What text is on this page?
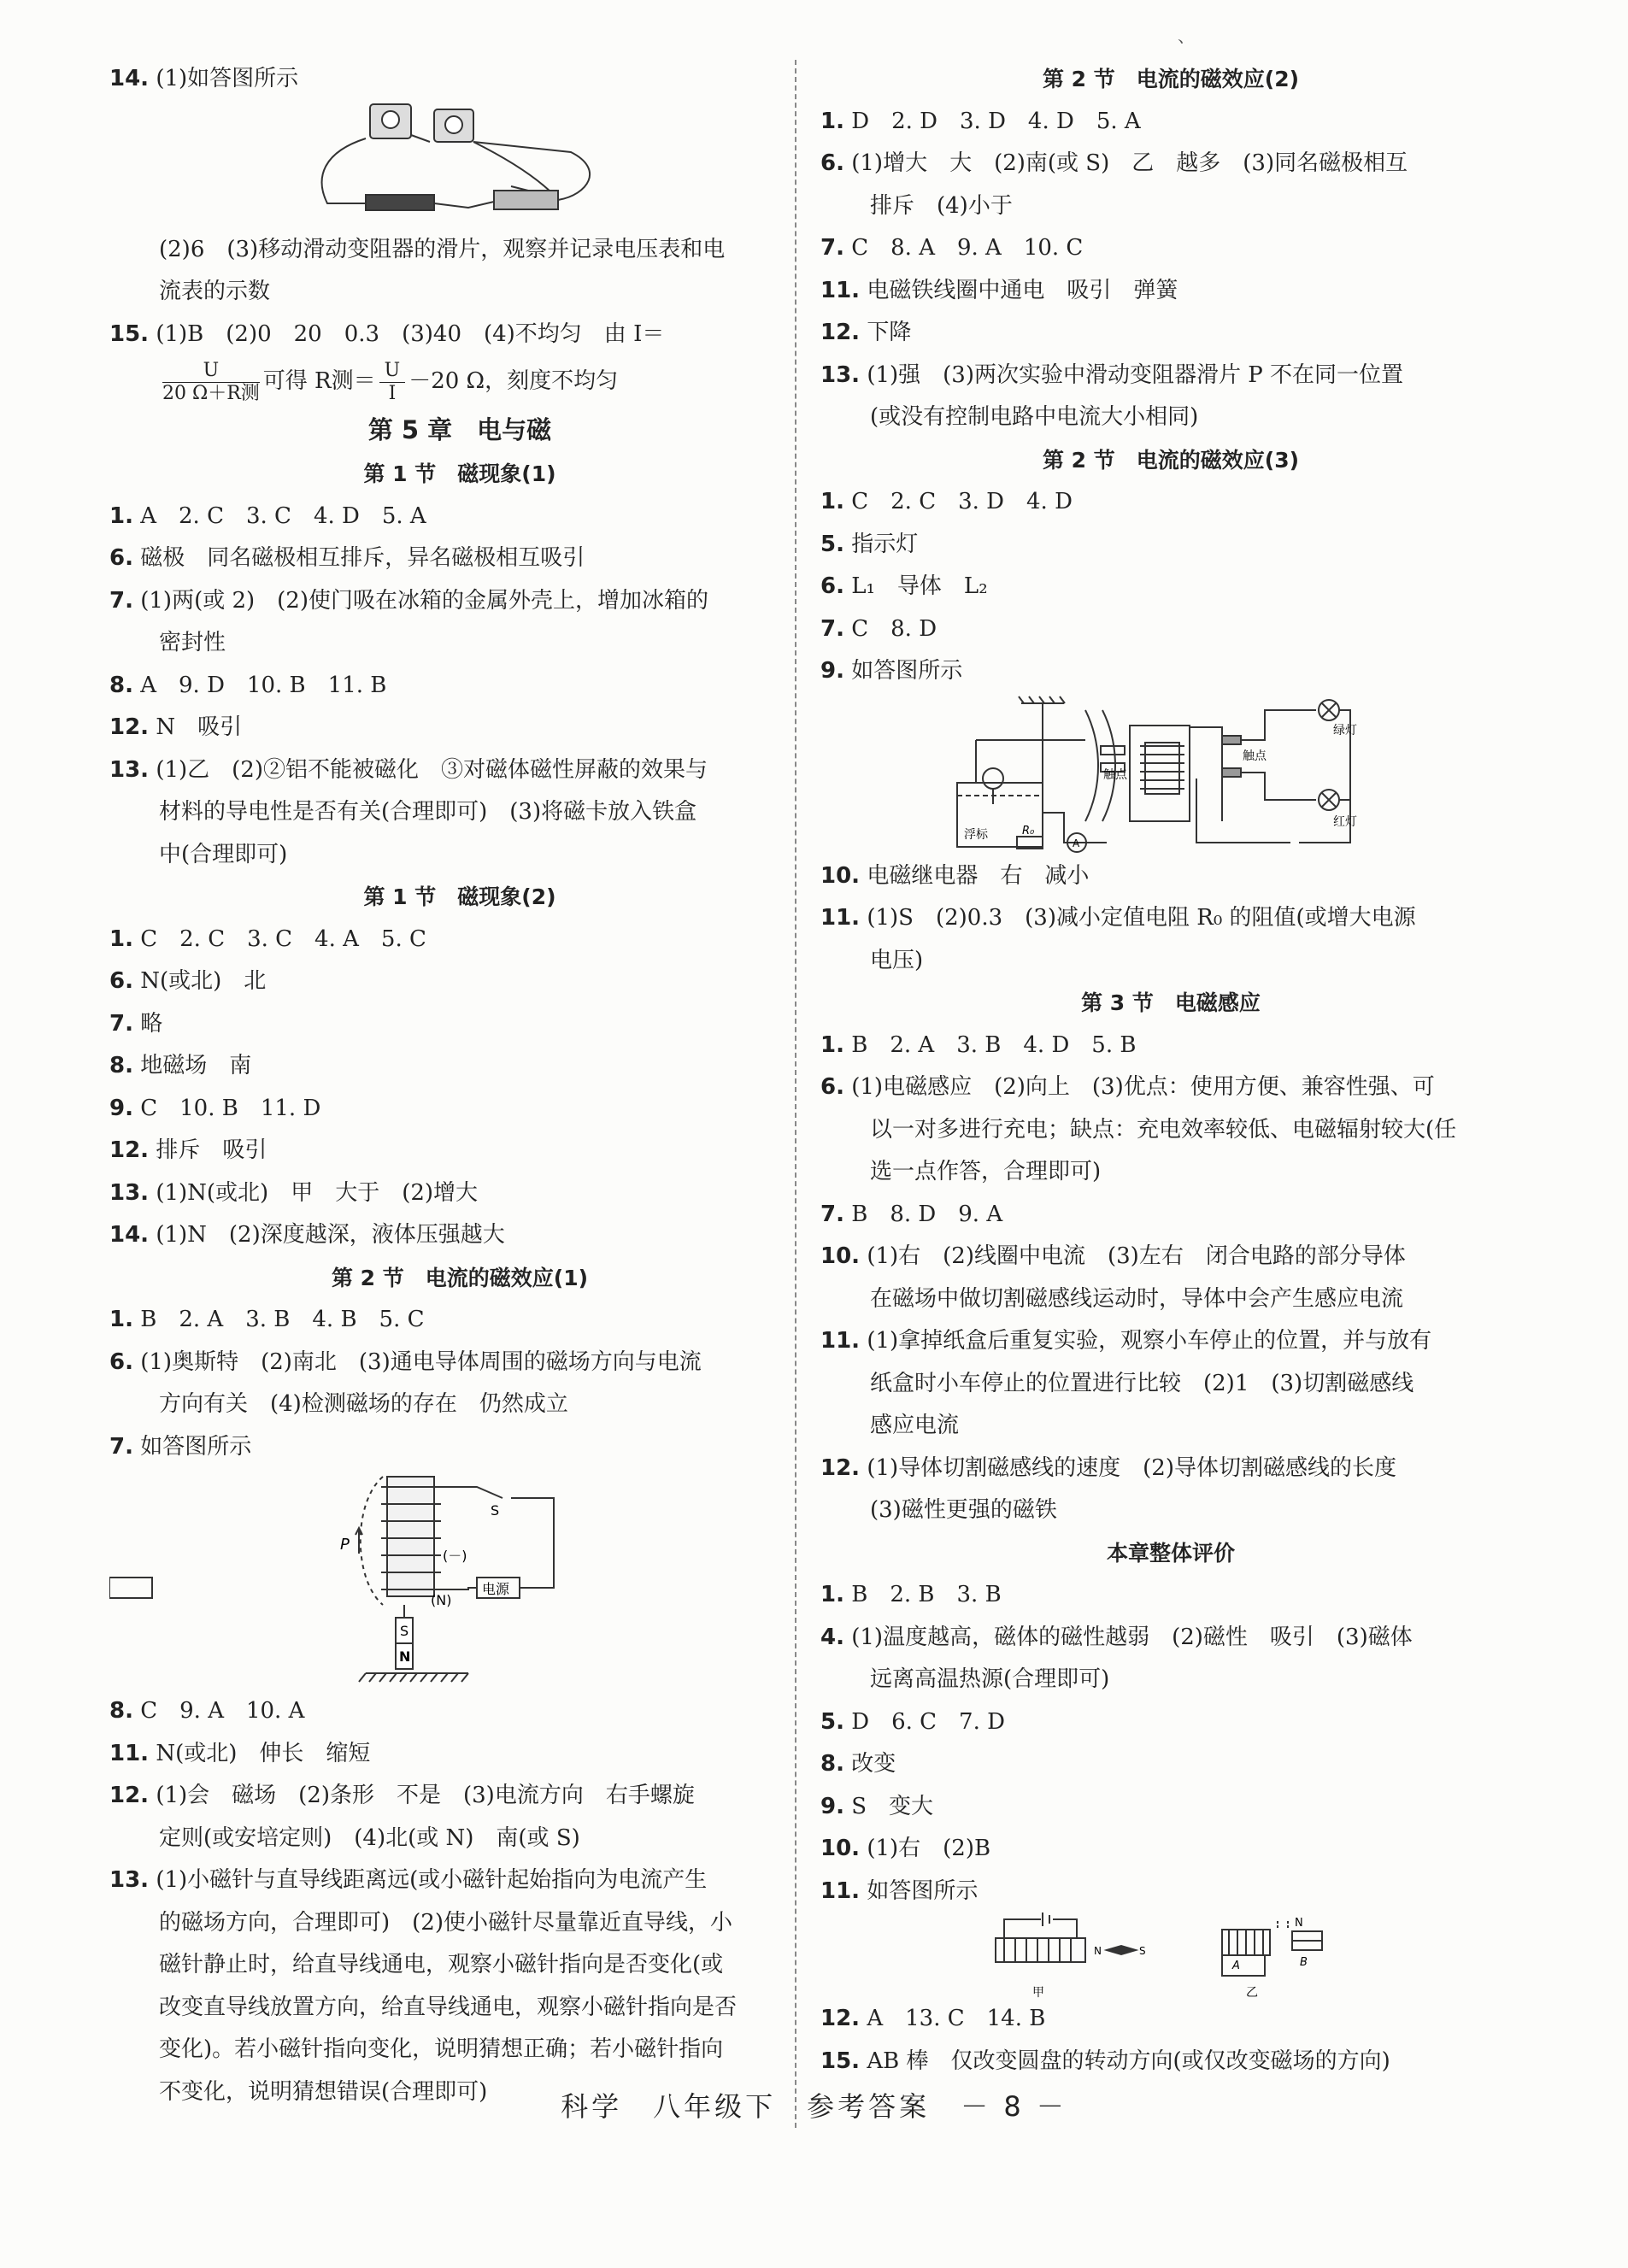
、
14. (1)如答图所示
(2)6　(3)移动滑动变阻器的滑片，观察并记录电压表和电
流表的示数
15. (1)B　(2)0　20　0.3　(3)40　(4)不均匀　由 I＝
$\frac{U}{\text{20 Ω＋R测}}$ 可得 R测＝ $\frac{U}{I} -20$ Ω，刻度不均匀
第 5 章　电与磁
第 1 节　磁现象(1)
1. A　2. C　3. C　4. D　5. A
6. 磁极　同名磁极相互排斥，异名磁极相互吸引
7. (1)两(或 2)　(2)使门吸在冰箱的金属外壳上，增加冰箱的
密封性
8. A　9. D　10. B　11. B
12. N　吸引
13. (1)乙　(2)②铝不能被磁化　③对磁体磁性屏蔽的效果与
材料的导电性是否有关(合理即可)　(3)将磁卡放入铁盒
中(合理即可)
第 1 节　磁现象(2)
1. C　2. C　3. C　4. A　5. C
6. N(或北)　北
7. 略
8. 地磁场　南
9. C　10. B　11. D
12. 排斥　吸引
13. (1)N(或北)　甲　大于　(2)增大
14. (1)N　(2)深度越深，液体压强越大
第 2 节　电流的磁效应(1)
1. B　2. A　3. B　4. B　5. C
6. (1)奥斯特　(2)南北　(3)通电导体周围的磁场方向与电流
方向有关　(4)检测磁场的存在　仍然成立
7. 如答图所示
P
S
(－)
(N)
电源
S
N
8. C　9. A　10. A
11. N(或北)　伸长　缩短
12. (1)会　磁场　(2)条形　不是　(3)电流方向　右手螺旋
定则(或安培定则)　(4)北(或 N)　南(或 S)
13. (1)小磁针与直导线距离远(或小磁针起始指向为电流产生
的磁场方向，合理即可)　(2)使小磁针尽量靠近直导线，小
磁针静止时，给直导线通电，观察小磁针指向是否变化(或
改变直导线放置方向，给直导线通电，观察小磁针指向是否
变化)。若小磁针指向变化，说明猜想正确；若小磁针指向
不变化，说明猜想错误(合理即可)
第 2 节　电流的磁效应(2)
1. D　2. D　3. D　4. D　5. A
6. (1)增大　大　(2)南(或 S)　乙　越多　(3)同名磁极相互
排斥　(4)小于
7. C　8. A　9. A　10. C
11. 电磁铁线圈中通电　吸引　弹簧
12. 下降
13. (1)强　(3)两次实验中滑动变阻器滑片 P 不在同一位置
(或没有控制电路中电流大小相同)
第 2 节　电流的磁效应(3)
1. C　2. C　3. D　4. D
5. 指示灯
6. L₁　导体　L₂
7. C　8. D
9. 如答图所示
浮标
触点
触点
绿灯
红灯
R₀
A
10. 电磁继电器　右　减小
11. (1)S　(2)0.3　(3)减小定值电阻 R₀ 的阻值(或增大电源
电压)
第 3 节　电磁感应
1. B　2. A　3. B　4. D　5. B
6. (1)电磁感应　(2)向上　(3)优点：使用方便、兼容性强、可
以一对多进行充电；缺点：充电效率较低、电磁辐射较大(任
选一点作答，合理即可)
7. B　8. D　9. A
10. (1)右　(2)线圈中电流　(3)左右　闭合电路的部分导体
在磁场中做切割磁感线运动时，导体中会产生感应电流
11. (1)拿掉纸盒后重复实验，观察小车停止的位置，并与放有
纸盒时小车停止的位置进行比较　(2)1　(3)切割磁感线
感应电流
12. (1)导体切割磁感线的速度　(2)导体切割磁感线的长度
(3)磁性更强的磁铁
本章整体评价
1. B　2. B　3. B
4. (1)温度越高，磁体的磁性越弱　(2)磁性　吸引　(3)磁体
远离高温热源(合理即可)
5. D　6. C　7. D
8. 改变
9. S　变大
10. (1)右　(2)B
11. 如答图所示
甲	乙
N	S
N
B
A
12. A　13. C　14. B
15. AB 棒　仅改变圆盘的转动方向(或仅改变磁场的方向)
科学　八年级下　参考答案　－ 8 －
